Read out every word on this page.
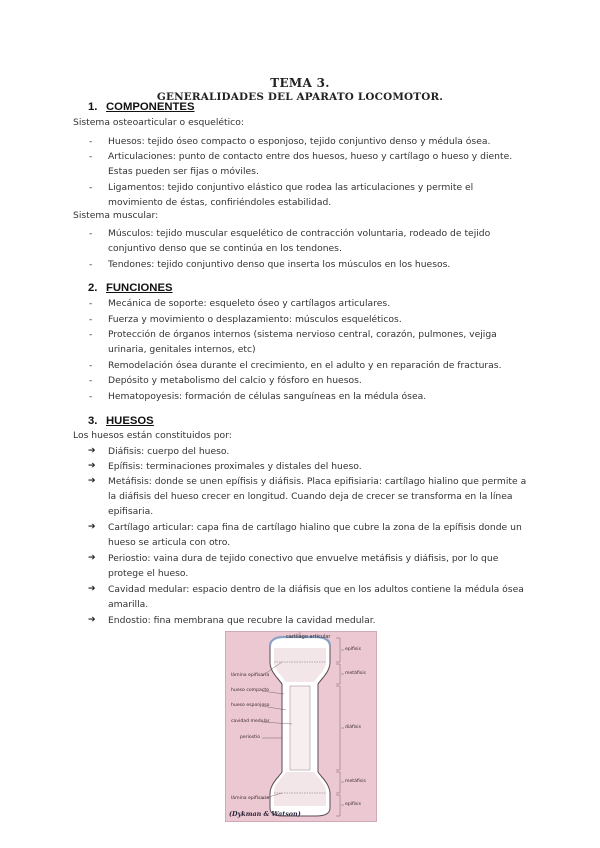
TEMA 3.
GENERALIDADES DEL APARATO LOCOMOTOR.
1. COMPONENTES
Sistema osteoarticular o esquelético:
- Huesos: tejido óseo compacto o esponjoso, tejido conjuntivo denso y médula ósea.
- Articulaciones: punto de contacto entre dos huesos, hueso y cartílago o hueso y diente. Estas pueden ser fijas o móviles.
- Ligamentos: tejido conjuntivo elástico que rodea las articulaciones y permite el movimiento de éstas, confiriéndoles estabilidad.
Sistema muscular:
- Músculos: tejido muscular esquelético de contracción voluntaria, rodeado de tejido conjuntivo denso que se continúa en los tendones.
- Tendones: tejido conjuntivo denso que inserta los músculos en los huesos.
2. FUNCIONES
- Mecánica de soporte: esqueleto óseo y cartílagos articulares.
- Fuerza y movimiento o desplazamiento: músculos esqueléticos.
- Protección de órganos internos (sistema nervioso central, corazón, pulmones, vejiga urinaria, genitales internos, etc)
- Remodelación ósea durante el crecimiento, en el adulto y en reparación de fracturas.
- Depósito y metabolismo del calcio y fósforo en huesos.
- Hematopoyesis: formación de células sanguíneas en la médula ósea.
3. HUESOS
Los huesos están constituidos por:
➔ Diáfisis: cuerpo del hueso.
➔ Epífisis: terminaciones proximales y distales del hueso.
➔ Metáfisis: donde se unen epífisis y diáfisis. Placa epifisiaria: cartílago hialino que permite a la diáfisis del hueso crecer en longitud. Cuando deja de crecer se transforma en la línea epifisaria.
➔ Cartílago articular: capa fina de cartílago hialino que cubre la zona de la epífisis donde un hueso se articula con otro.
➔ Periostio: vaina dura de tejido conectivo que envuelve metáfisis y diáfisis, por lo que protege el hueso.
➔ Cavidad medular: espacio dentro de la diáfisis que en los adultos contiene la médula ósea amarilla.
➔ Endostio: fina membrana que recubre la cavidad medular.
cartílago articular
lámina epifisaria
hueso compacto
hueso esponjoso
cavidad medular
periostio
lámina epifisaria
epífisis
metáfisis
diáfisis
metáfisis
epífisis
(Dykman & Watson)
